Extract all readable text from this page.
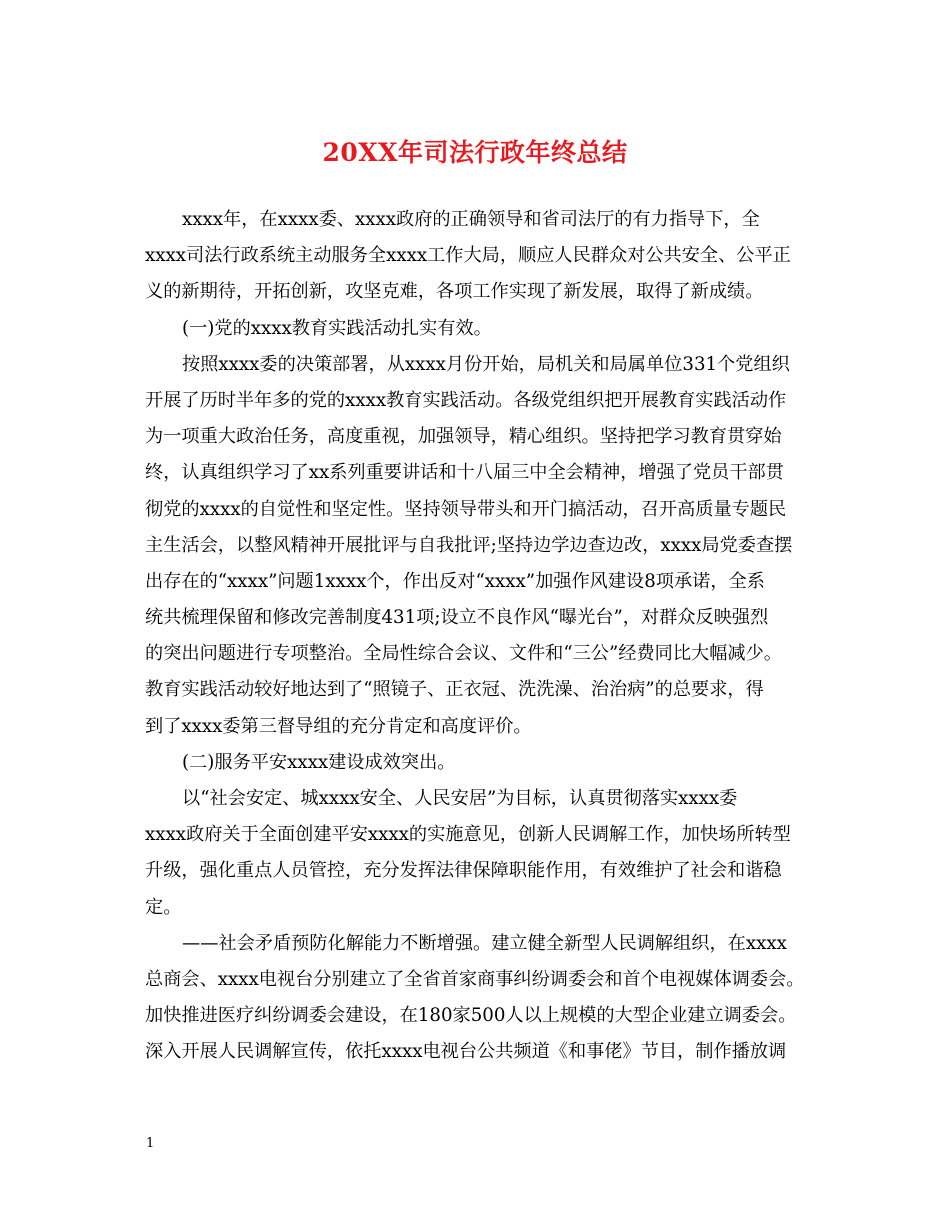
20XX年司法行政年终总结
xxxx年，在xxxx委、xxxx政府的正确领导和省司法厅的有力指导下，全
xxxx司法行政系统主动服务全xxxx工作大局，顺应人民群众对公共安全、公平正
义的新期待，开拓创新，攻坚克难，各项工作实现了新发展，取得了新成绩。
(一)党的xxxx教育实践活动扎实有效。
按照xxxx委的决策部署，从xxxx月份开始，局机关和局属单位331个党组织
开展了历时半年多的党的xxxx教育实践活动。各级党组织把开展教育实践活动作
为一项重大政治任务，高度重视，加强领导，精心组织。坚持把学习教育贯穿始
终，认真组织学习了xx系列重要讲话和十八届三中全会精神，增强了党员干部贯
彻党的xxxx的自觉性和坚定性。坚持领导带头和开门搞活动，召开高质量专题民
主生活会，以整风精神开展批评与自我批评;坚持边学边查边改，xxxx局党委查摆
出存在的“xxxx”问题1xxxx个，作出反对“xxxx”加强作风建设8项承诺，全系
统共梳理保留和修改完善制度431项;设立不良作风“曝光台”，对群众反映强烈
的突出问题进行专项整治。全局性综合会议、文件和“三公”经费同比大幅减少。
教育实践活动较好地达到了“照镜子、正衣冠、洗洗澡、治治病”的总要求，得
到了xxxx委第三督导组的充分肯定和高度评价。
(二)服务平安xxxx建设成效突出。
以“社会安定、城xxxx安全、人民安居”为目标，认真贯彻落实xxxx委
xxxx政府关于全面创建平安xxxx的实施意见，创新人民调解工作，加快场所转型
升级，强化重点人员管控，充分发挥法律保障职能作用，有效维护了社会和谐稳
定。
——社会矛盾预防化解能力不断增强。建立健全新型人民调解组织，在xxxx
总商会、xxxx电视台分别建立了全省首家商事纠纷调委会和首个电视媒体调委会。
加快推进医疗纠纷调委会建设，在180家500人以上规模的大型企业建立调委会。
深入开展人民调解宣传，依托xxxx电视台公共频道《和事佬》节目，制作播放调
1
